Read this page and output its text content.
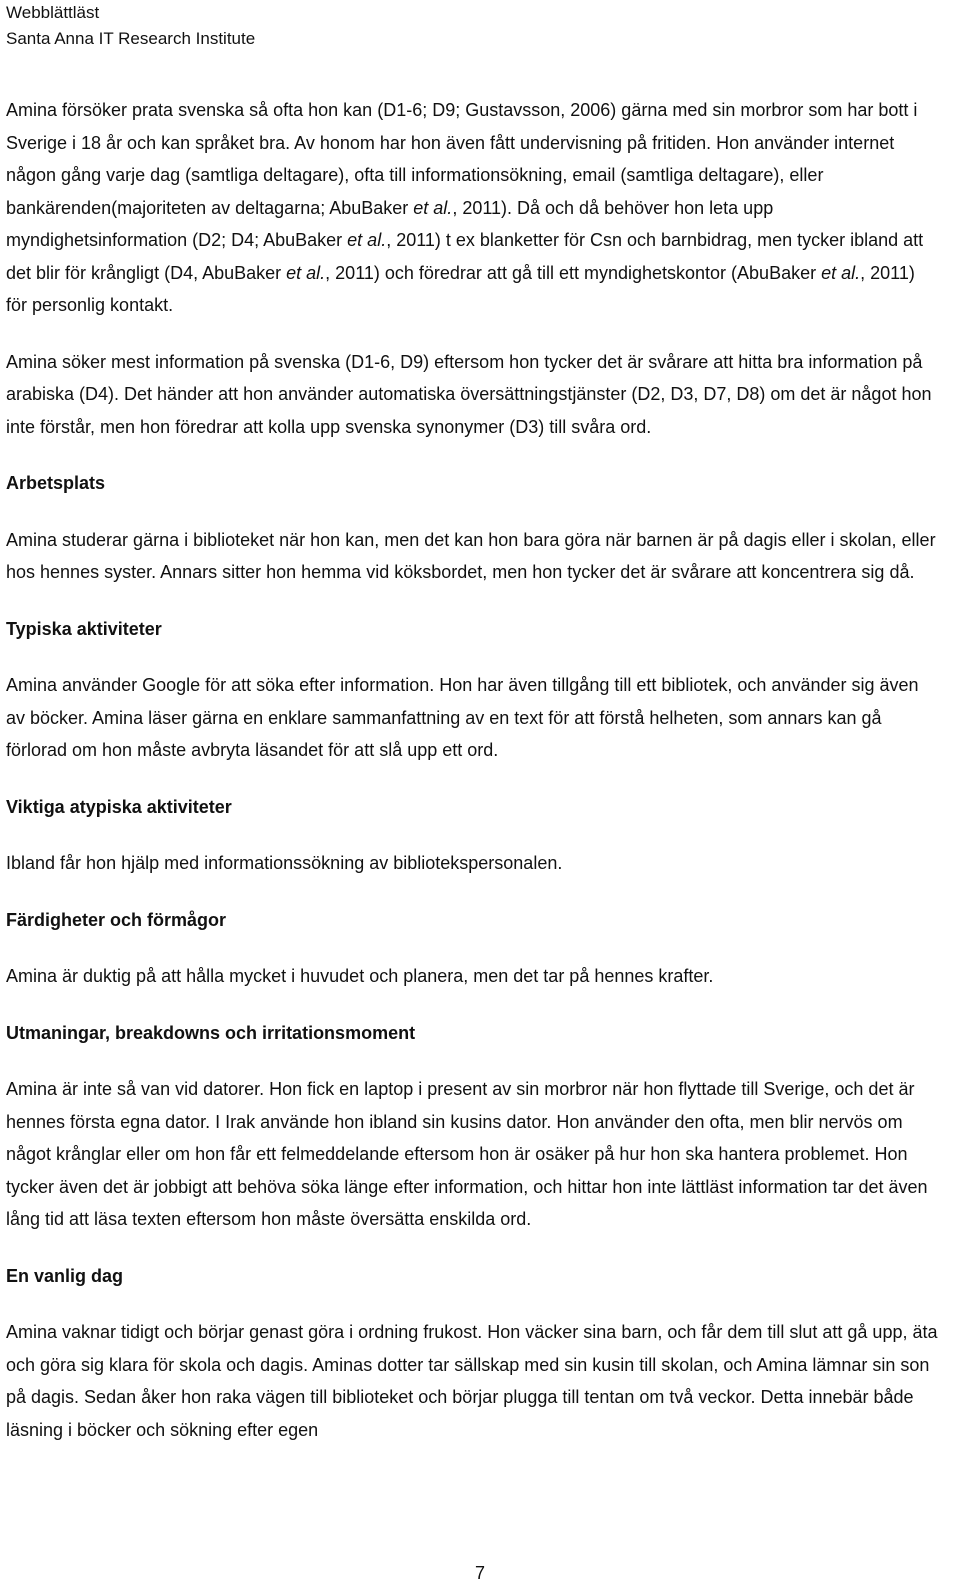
Webblättläst
Santa Anna IT Research Institute

Amina försöker prata svenska så ofta hon kan (D1-6; D9; Gustavsson, 2006) gärna med sin morbror som har bott i Sverige i 18 år och kan språket bra. Av honom har hon även fått undervisning på fritiden. Hon använder internet någon gång varje dag (samtliga deltagare), ofta till informationsökning, email (samtliga deltagare), eller bankärenden(majoriteten av deltagarna; AbuBaker et al., 2011). Då och då behöver hon leta upp myndighetsinformation (D2; D4; AbuBaker et al., 2011) t ex blanketter för Csn och barnbidrag, men tycker ibland att det blir för krångligt (D4, AbuBaker et al., 2011) och föredrar att gå till ett myndighetskontor (AbuBaker et al., 2011) för personlig kontakt.

Amina söker mest information på svenska (D1-6, D9) eftersom hon tycker det är svårare att hitta bra information på arabiska (D4). Det händer att hon använder automatiska översättningstjänster (D2, D3, D7, D8) om det är något hon inte förstår, men hon föredrar att kolla upp svenska synonymer (D3) till svåra ord.

Arbetsplats

Amina studerar gärna i biblioteket när hon kan, men det kan hon bara göra när barnen är på dagis eller i skolan, eller hos hennes syster. Annars sitter hon hemma vid köksbordet, men hon tycker det är svårare att koncentrera sig då.

Typiska aktiviteter

Amina använder Google för att söka efter information. Hon har även tillgång till ett bibliotek, och använder sig även av böcker. Amina läser gärna en enklare sammanfattning av en text för att förstå helheten, som annars kan gå förlorad om hon måste avbryta läsandet för att slå upp ett ord.

Viktiga atypiska aktiviteter

Ibland får hon hjälp med informationssökning av bibliotekspersonalen.

Färdigheter och förmågor

Amina är duktig på att hålla mycket i huvudet och planera, men det tar på hennes krafter.

Utmaningar, breakdowns och irritationsmoment

Amina är inte så van vid datorer. Hon fick en laptop i present av sin morbror när hon flyttade till Sverige, och det är hennes första egna dator. I Irak använde hon ibland sin kusins dator. Hon använder den ofta, men blir nervös om något krånglar eller om hon får ett felmeddelande eftersom hon är osäker på hur hon ska hantera problemet. Hon tycker även det är jobbigt att behöva söka länge efter information, och hittar hon inte lättläst information tar det även lång tid att läsa texten eftersom hon måste översätta enskilda ord.

En vanlig dag

Amina vaknar tidigt och börjar genast göra i ordning frukost. Hon väcker sina barn, och får dem till slut att gå upp, äta och göra sig klara för skola och dagis. Aminas dotter tar sällskap med sin kusin till skolan, och Amina lämnar sin son på dagis. Sedan åker hon raka vägen till biblioteket och börjar plugga till tentan om två veckor. Detta innebär både läsning i böcker och sökning efter egen

7
